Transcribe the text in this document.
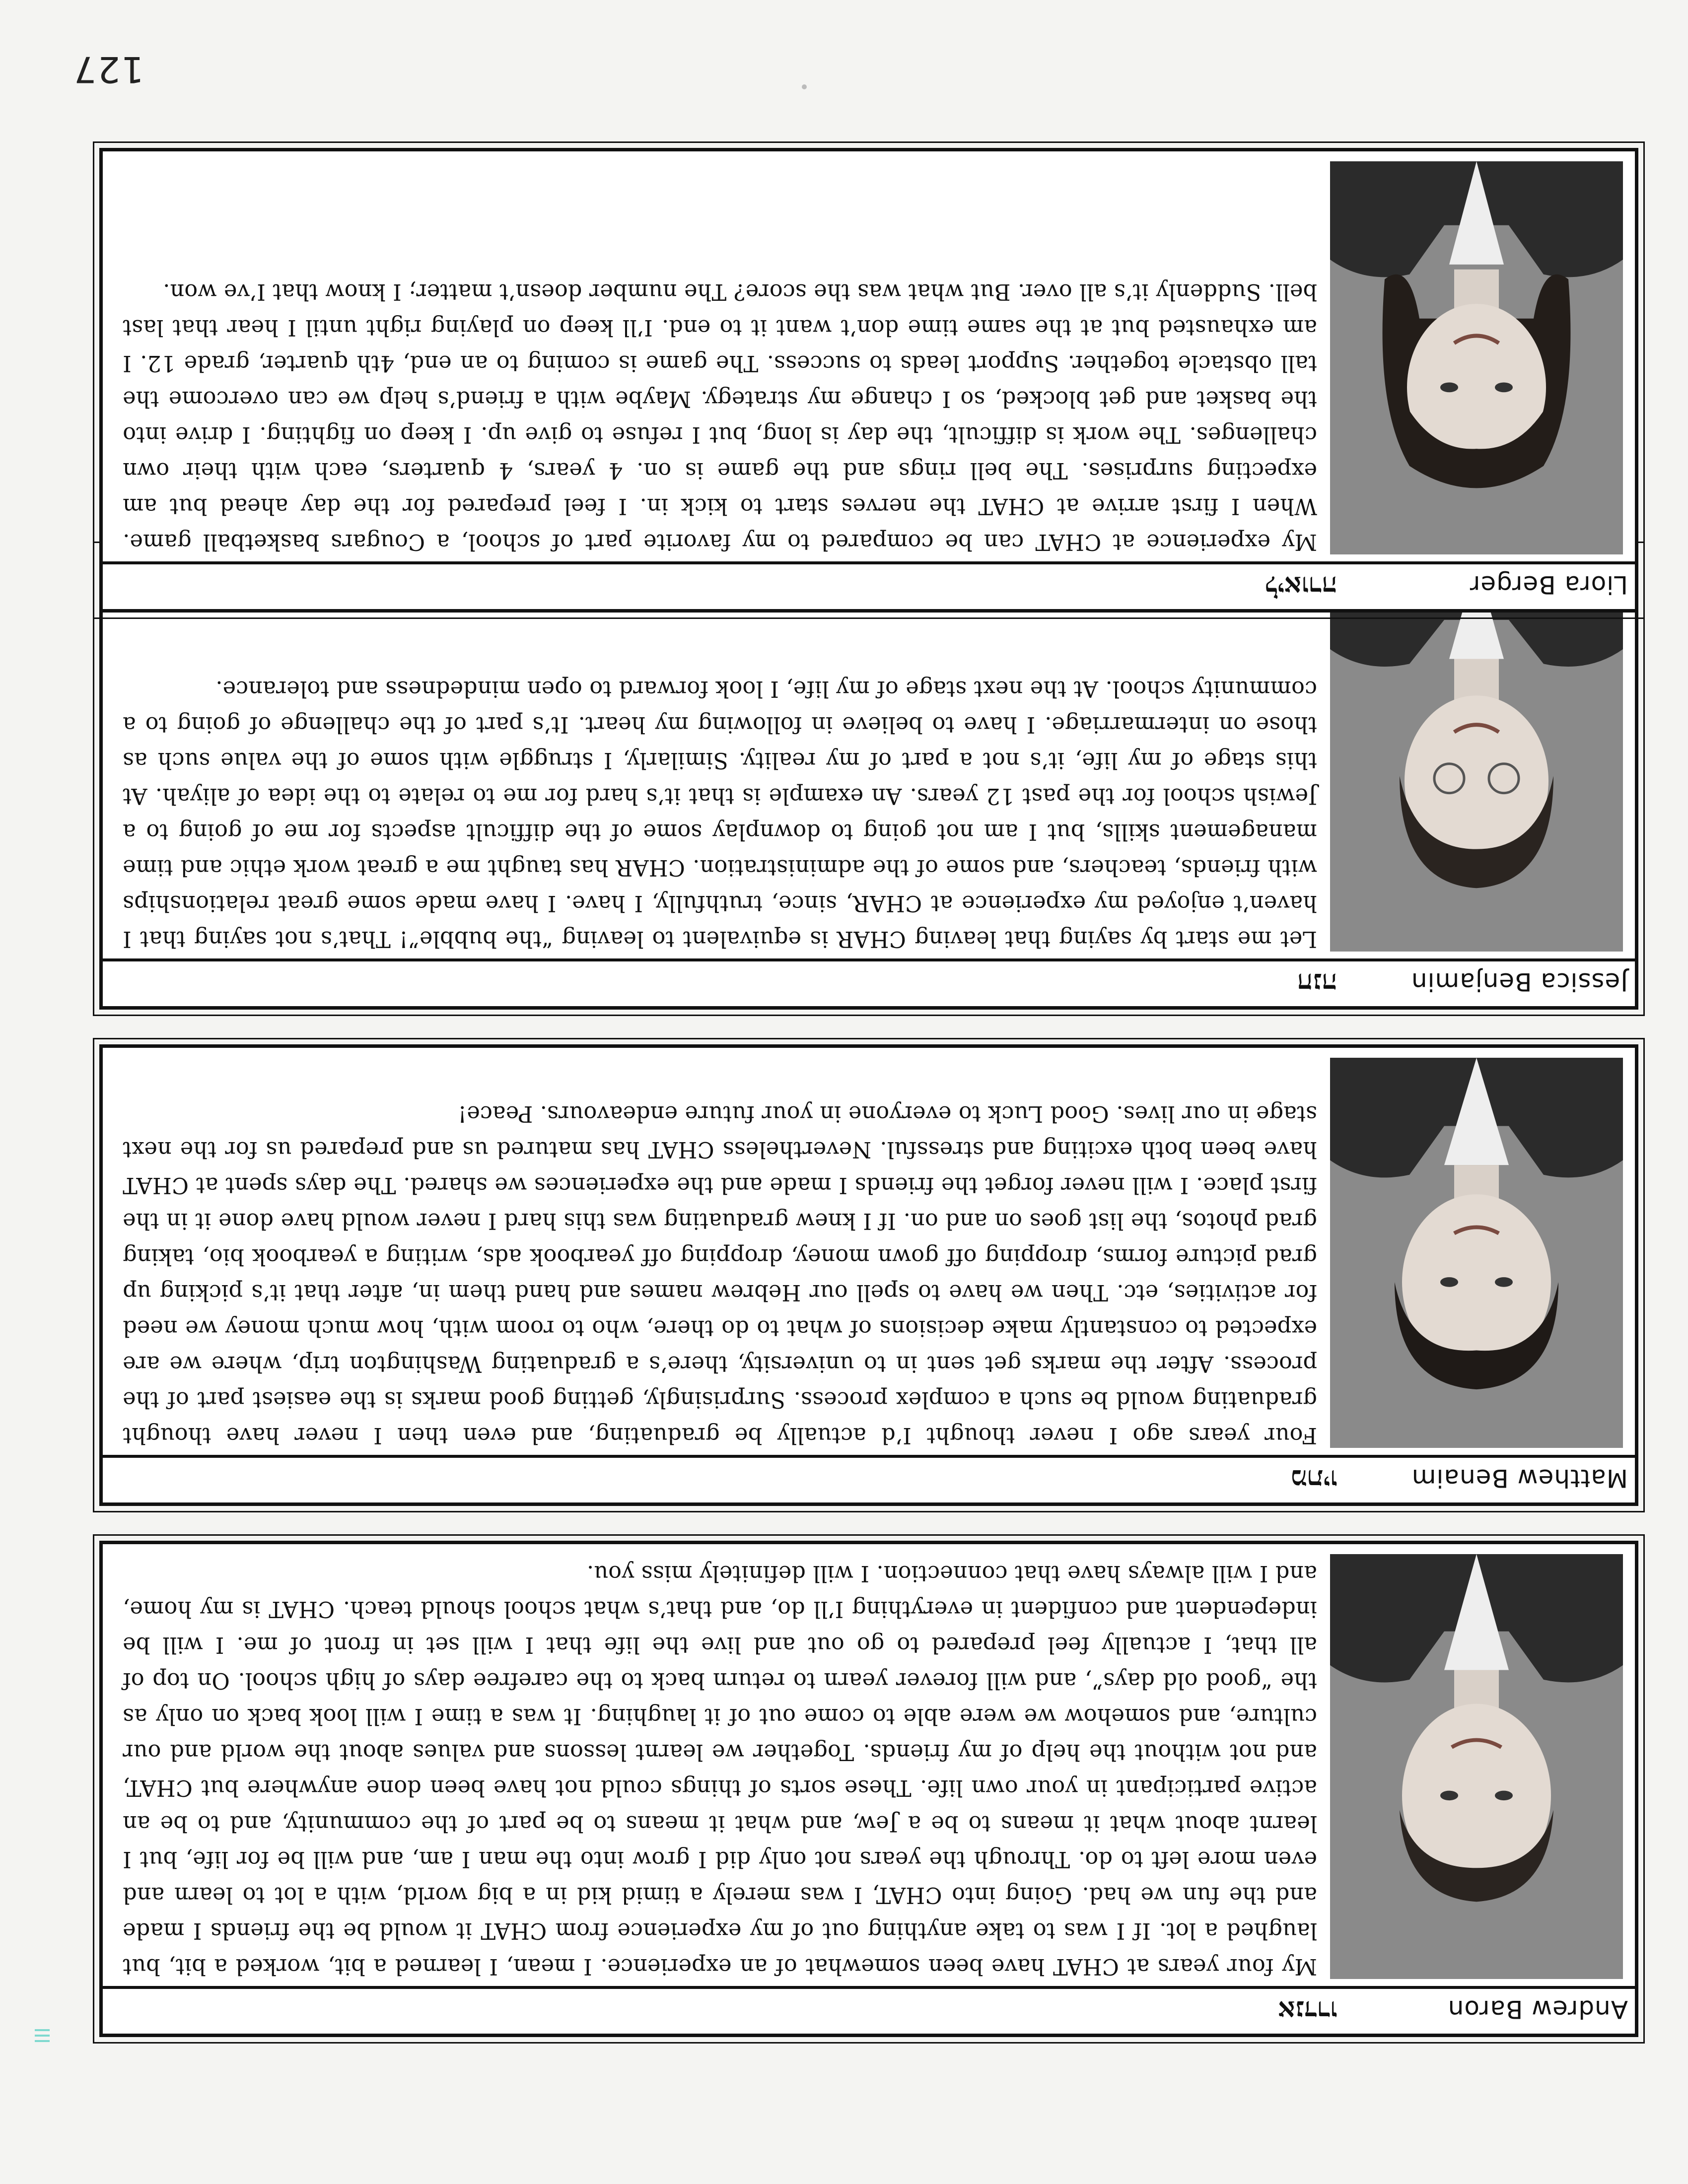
Andrew Baron
אנדרו
My four years at CHAT have been somewhat of an experience. I mean, I learned a bit, worked a bit, but laughed a lot. If I was to take anything out of my experience from CHAT it would be the friends I made and the fun we had. Going into CHAT, I was merely a timid kid in a big world, with a lot to learn and even more left to do. Through the years not only did I grow into the man I am, and will be for life, but I learnt about what it means to be a Jew, and what it means to be part of the community, and to be an active participant in your own life. These sorts of things could not have been done anywhere but CHAT, and not without the help of my friends. Together we learnt lessons and values about the world and our culture, and somehow we were able to come out of it laughing. It was a time I will look back on only as the “good old days”, and will forever yearn to return back to the carefree days of high school. On top of all that, I actually feel prepared to go out and live the life that I will set in front of me. I will be independent and confident in everything I’ll do, and that’s what school should teach. CHAT is my home, and I will always have that connection. I will definitely miss you.
Matthew Benaim
מתיו
Four years ago I never thought I’d actually be graduating, and even then I never have thought graduating would be such a complex process. Surprisingly, getting good marks is the easiest part of the process. After the marks get sent in to university, there’s a graduating Washington trip, where we are expected to constantly make decisions of what to do there, who to room with, how much money we need for activities, etc. Then we have to spell our Hebrew names and hand them in, after that it’s picking up grad picture forms, dropping off gown money, dropping off yearbook ads, writing a yearbook bio, taking grad photos, the list goes on and on. If I knew graduating was this hard I never would have done it in the first place. I will never forget the friends I made and the experiences we shared. The days spent at CHAT have been both exciting and stressful. Nevertheless CHAT has matured us and prepared us for the next stage in our lives. Good Luck to everyone in your future endeavours. Peace!
Jessica Benjamin
חנה
Let me start by saying that leaving CHAR is equivalent to leaving “the bubble”! That’s not saying that I haven’t enjoyed my experience at CHAR, since, truthfully, I have. I have made some great relationships with friends, teachers, and some of the administration. CHAR has taught me a great work ethic and time management skills, but I am not going to downplay some of the difficult aspects for me of going to a Jewish school for the past 12 years. An example is that it’s hard for me to relate to the idea of aliyah. At this stage of my life, it’s not a part of my reality. Similarly, I struggle with some of the value such as those on intermarriage. I have to believe in following my heart. It’s part of the challenge of going to a community school. At the next stage of my life, I look forward to open mindedness and tolerance.
Liora Berger
ליאורה
My experience at CHAT can be compared to my favorite part of school, a Cougars basketball game. When I first arrive at CHAT the nerves start to kick in. I feel prepared for the day ahead but am expecting surprises. The bell rings and the game is on. 4 years, 4 quarters, each with their own challenges. The work is difficult, the day is long, but I refuse to give up. I keep on fighting. I drive into the basket and get blocked, so I change my strategy. Maybe with a friend’s help we can overcome the tall obstacle together. Support leads to success. The game is coming to an end, 4th quarter, grade 12. I am exhausted but at the same time don’t want it to end. I’ll keep on playing right until I hear that last bell. Suddenly it’s all over. But what was the score? The number doesn’t matter; I know that I’ve won.
127
